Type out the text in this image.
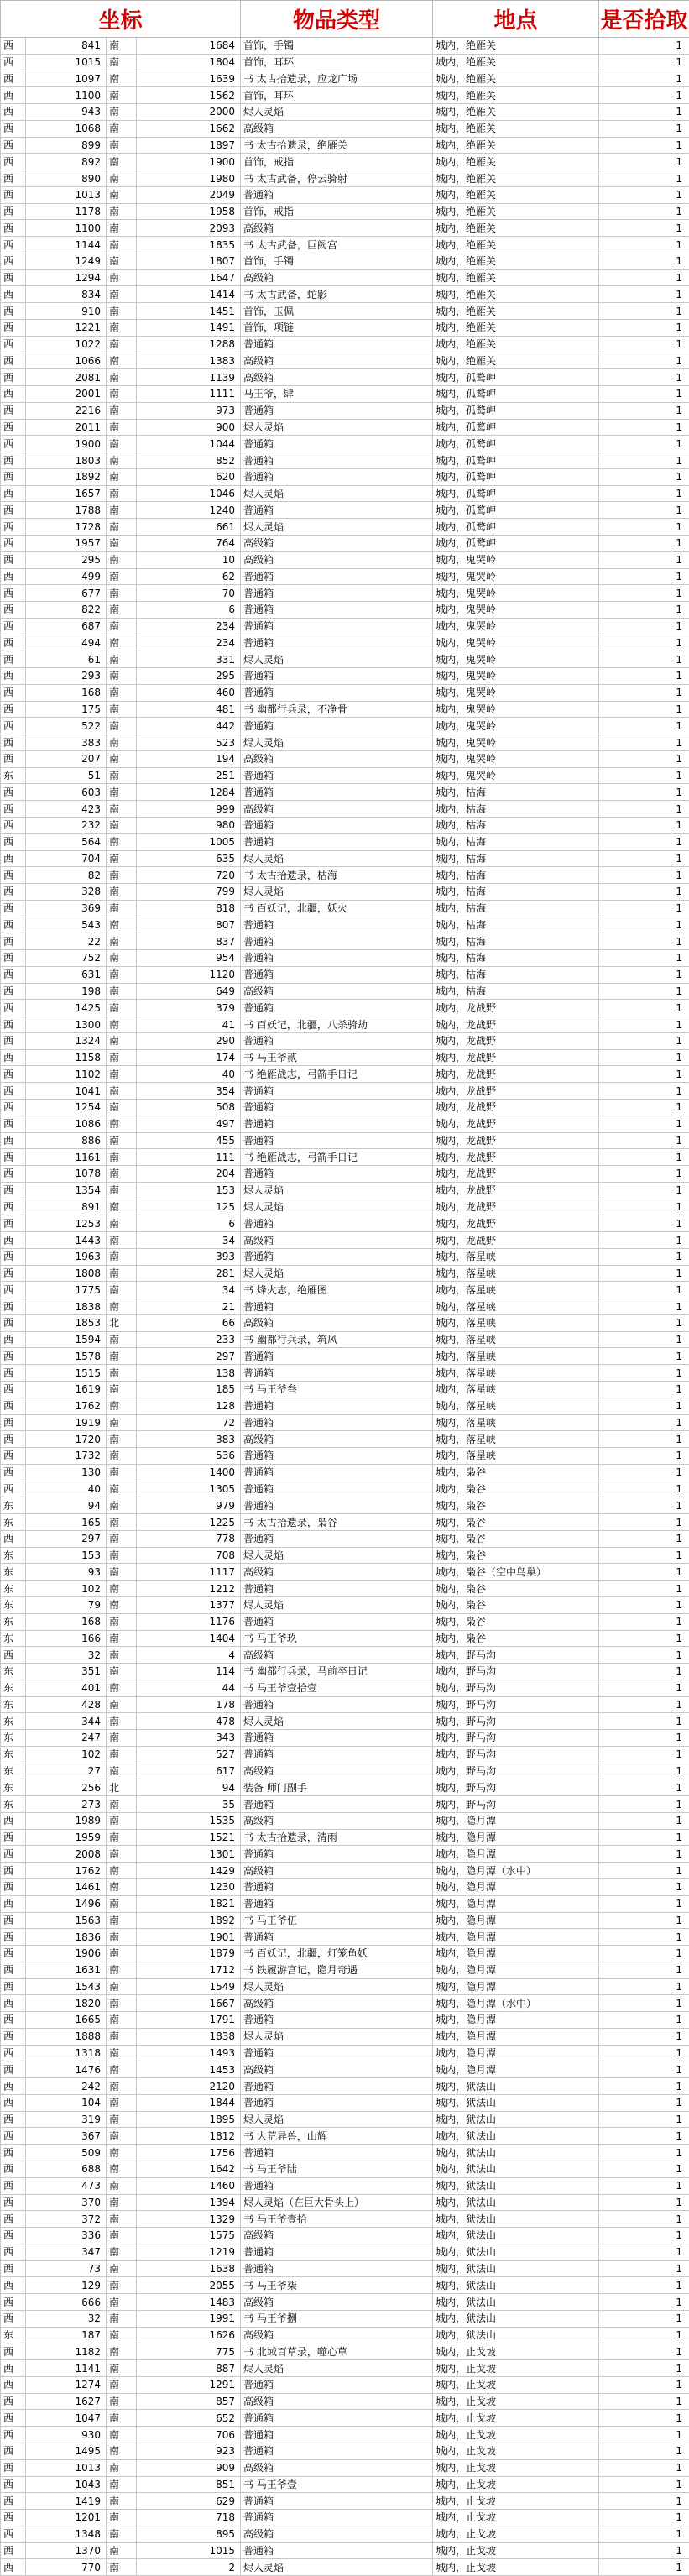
坐标				物品类型	地点	是否拾取
西	841	南	1684	首饰，手镯	城内，绝雁关	1
西	1015	南	1804	首饰，耳环	城内，绝雁关	1
西	1097	南	1639	书 太古拾遗录，应龙广场	城内，绝雁关	1
西	1100	南	1562	首饰，耳环	城内，绝雁关	1
西	943	南	2000	烬人灵焰	城内，绝雁关	1
西	1068	南	1662	高级箱	城内，绝雁关	1
西	899	南	1897	书 太古拾遗录，绝雁关	城内，绝雁关	1
西	892	南	1900	首饰，戒指	城内，绝雁关	1
西	890	南	1980	书 太古武备，停云骑射	城内，绝雁关	1
西	1013	南	2049	普通箱	城内，绝雁关	1
西	1178	南	1958	首饰，戒指	城内，绝雁关	1
西	1100	南	2093	高级箱	城内，绝雁关	1
西	1144	南	1835	书 太古武备，巨阙宫	城内，绝雁关	1
西	1249	南	1807	首饰，手镯	城内，绝雁关	1
西	1294	南	1647	高级箱	城内，绝雁关	1
西	834	南	1414	书 太古武备，蛇影	城内，绝雁关	1
西	910	南	1451	首饰，玉佩	城内，绝雁关	1
西	1221	南	1491	首饰，项链	城内，绝雁关	1
西	1022	南	1288	普通箱	城内，绝雁关	1
西	1066	南	1383	高级箱	城内，绝雁关	1
西	2081	南	1139	高级箱	城内，孤鹜岬	1
西	2001	南	1111	马王爷，肆	城内，孤鹜岬	1
西	2216	南	973	普通箱	城内，孤鹜岬	1
西	2011	南	900	烬人灵焰	城内，孤鹜岬	1
西	1900	南	1044	普通箱	城内，孤鹜岬	1
西	1803	南	852	普通箱	城内，孤鹜岬	1
西	1892	南	620	普通箱	城内，孤鹜岬	1
西	1657	南	1046	烬人灵焰	城内，孤鹜岬	1
西	1788	南	1240	普通箱	城内，孤鹜岬	1
西	1728	南	661	烬人灵焰	城内，孤鹜岬	1
西	1957	南	764	高级箱	城内，孤鹜岬	1
西	295	南	10	高级箱	城内，鬼哭岭	1
西	499	南	62	普通箱	城内，鬼哭岭	1
西	677	南	70	普通箱	城内，鬼哭岭	1
西	822	南	6	普通箱	城内，鬼哭岭	1
西	687	南	234	普通箱	城内，鬼哭岭	1
西	494	南	234	普通箱	城内，鬼哭岭	1
西	61	南	331	烬人灵焰	城内，鬼哭岭	1
西	293	南	295	普通箱	城内，鬼哭岭	1
西	168	南	460	普通箱	城内，鬼哭岭	1
西	175	南	481	书 幽都行兵录，不净骨	城内，鬼哭岭	1
西	522	南	442	普通箱	城内，鬼哭岭	1
西	383	南	523	烬人灵焰	城内，鬼哭岭	1
西	207	南	194	高级箱	城内，鬼哭岭	1
东	51	南	251	普通箱	城内，鬼哭岭	1
西	603	南	1284	普通箱	城内，枯海	1
西	423	南	999	高级箱	城内，枯海	1
西	232	南	980	普通箱	城内，枯海	1
西	564	南	1005	普通箱	城内，枯海	1
西	704	南	635	烬人灵焰	城内，枯海	1
西	82	南	720	书 太古拾遗录，枯海	城内，枯海	1
西	328	南	799	烬人灵焰	城内，枯海	1
西	369	南	818	书 百妖记，北疆，妖火	城内，枯海	1
西	543	南	807	普通箱	城内，枯海	1
西	22	南	837	普通箱	城内，枯海	1
西	752	南	954	普通箱	城内，枯海	1
西	631	南	1120	普通箱	城内，枯海	1
西	198	南	649	高级箱	城内，枯海	1
西	1425	南	379	普通箱	城内，龙战野	1
西	1300	南	41	书 百妖记，北疆，八杀骑劫	城内，龙战野	1
西	1324	南	290	普通箱	城内，龙战野	1
西	1158	南	174	书 马王爷贰	城内，龙战野	1
西	1102	南	40	书 绝雁战志，弓箭手日记	城内，龙战野	1
西	1041	南	354	普通箱	城内，龙战野	1
西	1254	南	508	普通箱	城内，龙战野	1
西	1086	南	497	普通箱	城内，龙战野	1
西	886	南	455	普通箱	城内，龙战野	1
西	1161	南	111	书 绝雁战志，弓箭手日记	城内，龙战野	1
西	1078	南	204	普通箱	城内，龙战野	1
西	1354	南	153	烬人灵焰	城内，龙战野	1
西	891	南	125	烬人灵焰	城内，龙战野	1
西	1253	南	6	普通箱	城内，龙战野	1
西	1443	南	34	高级箱	城内，龙战野	1
西	1963	南	393	普通箱	城内，落星峡	1
西	1808	南	281	烬人灵焰	城内，落星峡	1
西	1775	南	34	书 烽火志，绝雁图	城内，落星峡	1
西	1838	南	21	普通箱	城内，落星峡	1
西	1853	北	66	高级箱	城内，落星峡	1
西	1594	南	233	书 幽都行兵录，筑风	城内，落星峡	1
西	1578	南	297	普通箱	城内，落星峡	1
西	1515	南	138	普通箱	城内，落星峡	1
西	1619	南	185	书 马王爷叁	城内，落星峡	1
西	1762	南	128	普通箱	城内，落星峡	1
西	1919	南	72	普通箱	城内，落星峡	1
西	1720	南	383	高级箱	城内，落星峡	1
西	1732	南	536	普通箱	城内，落星峡	1
西	130	南	1400	普通箱	城内，枭谷	1
西	40	南	1305	普通箱	城内，枭谷	1
东	94	南	979	普通箱	城内，枭谷	1
东	165	南	1225	书 太古拾遗录，枭谷	城内，枭谷	1
西	297	南	778	普通箱	城内，枭谷	1
东	153	南	708	烬人灵焰	城内，枭谷	1
东	93	南	1117	高级箱	城内，枭谷（空中鸟巢）	1
东	102	南	1212	普通箱	城内，枭谷	1
东	79	南	1377	烬人灵焰	城内，枭谷	1
东	168	南	1176	普通箱	城内，枭谷	1
东	166	南	1404	书 马王爷玖	城内，枭谷	1
西	32	南	4	高级箱	城内，野马沟	1
东	351	南	114	书 幽都行兵录，马前卒日记	城内，野马沟	1
东	401	南	44	书 马王爷壹拾壹	城内，野马沟	1
东	428	南	178	普通箱	城内，野马沟	1
东	344	南	478	烬人灵焰	城内，野马沟	1
东	247	南	343	普通箱	城内，野马沟	1
东	102	南	527	普通箱	城内，野马沟	1
东	27	南	617	高级箱	城内，野马沟	1
东	256	北	94	装备 师门副手	城内，野马沟	1
东	273	南	35	普通箱	城内，野马沟	1
西	1989	南	1535	高级箱	城内，隐月潭	1
西	1959	南	1521	书 太古拾遗录，清雨	城内，隐月潭	1
西	2008	南	1301	普通箱	城内，隐月潭	1
西	1762	南	1429	高级箱	城内，隐月潭（水中）	1
西	1461	南	1230	普通箱	城内，隐月潭	1
西	1496	南	1821	普通箱	城内，隐月潭	1
西	1563	南	1892	书 马王爷伍	城内，隐月潭	1
西	1836	南	1901	普通箱	城内，隐月潭	1
西	1906	南	1879	书 百妖记，北疆，灯笼鱼妖	城内，隐月潭	1
西	1631	南	1712	书 铁履游宫记，隐月奇遇	城内，隐月潭	1
西	1543	南	1549	烬人灵焰	城内，隐月潭	1
西	1820	南	1667	高级箱	城内，隐月潭（水中）	1
西	1665	南	1791	普通箱	城内，隐月潭	1
西	1888	南	1838	烬人灵焰	城内，隐月潭	1
西	1318	南	1493	普通箱	城内，隐月潭	1
西	1476	南	1453	高级箱	城内，隐月潭	1
西	242	南	2120	普通箱	城内，狱法山	1
西	104	南	1844	普通箱	城内，狱法山	1
西	319	南	1895	烬人灵焰	城内，狱法山	1
西	367	南	1812	书 大荒异兽，山辉	城内，狱法山	1
西	509	南	1756	普通箱	城内，狱法山	1
西	688	南	1642	书 马王爷陆	城内，狱法山	1
西	473	南	1460	普通箱	城内，狱法山	1
西	370	南	1394	烬人灵焰（在巨大骨头上）	城内，狱法山	1
西	372	南	1329	书 马王爷壹拾	城内，狱法山	1
西	336	南	1575	高级箱	城内，狱法山	1
西	347	南	1219	普通箱	城内，狱法山	1
西	73	南	1638	普通箱	城内，狱法山	1
西	129	南	2055	书 马王爷柒	城内，狱法山	1
西	666	南	1483	高级箱	城内，狱法山	1
西	32	南	1991	书 马王爷捌	城内，狱法山	1
东	187	南	1626	高级箱	城内，狱法山	1
西	1182	南	775	书 北域百草录，噬心草	城内，止戈坡	1
西	1141	南	887	烬人灵焰	城内，止戈坡	1
西	1274	南	1291	普通箱	城内，止戈坡	1
西	1627	南	857	高级箱	城内，止戈坡	1
西	1047	南	652	普通箱	城内，止戈坡	1
西	930	南	706	普通箱	城内，止戈坡	1
西	1495	南	923	普通箱	城内，止戈坡	1
西	1013	南	909	高级箱	城内，止戈坡	1
西	1043	南	851	书 马王爷壹	城内，止戈坡	1
西	1419	南	629	普通箱	城内，止戈坡	1
西	1201	南	718	普通箱	城内，止戈坡	1
西	1348	南	895	高级箱	城内，止戈坡	1
西	1370	南	1015	普通箱	城内，止戈坡	1
西	770	南	2	烬人灵焰	城内，止戈坡	1
